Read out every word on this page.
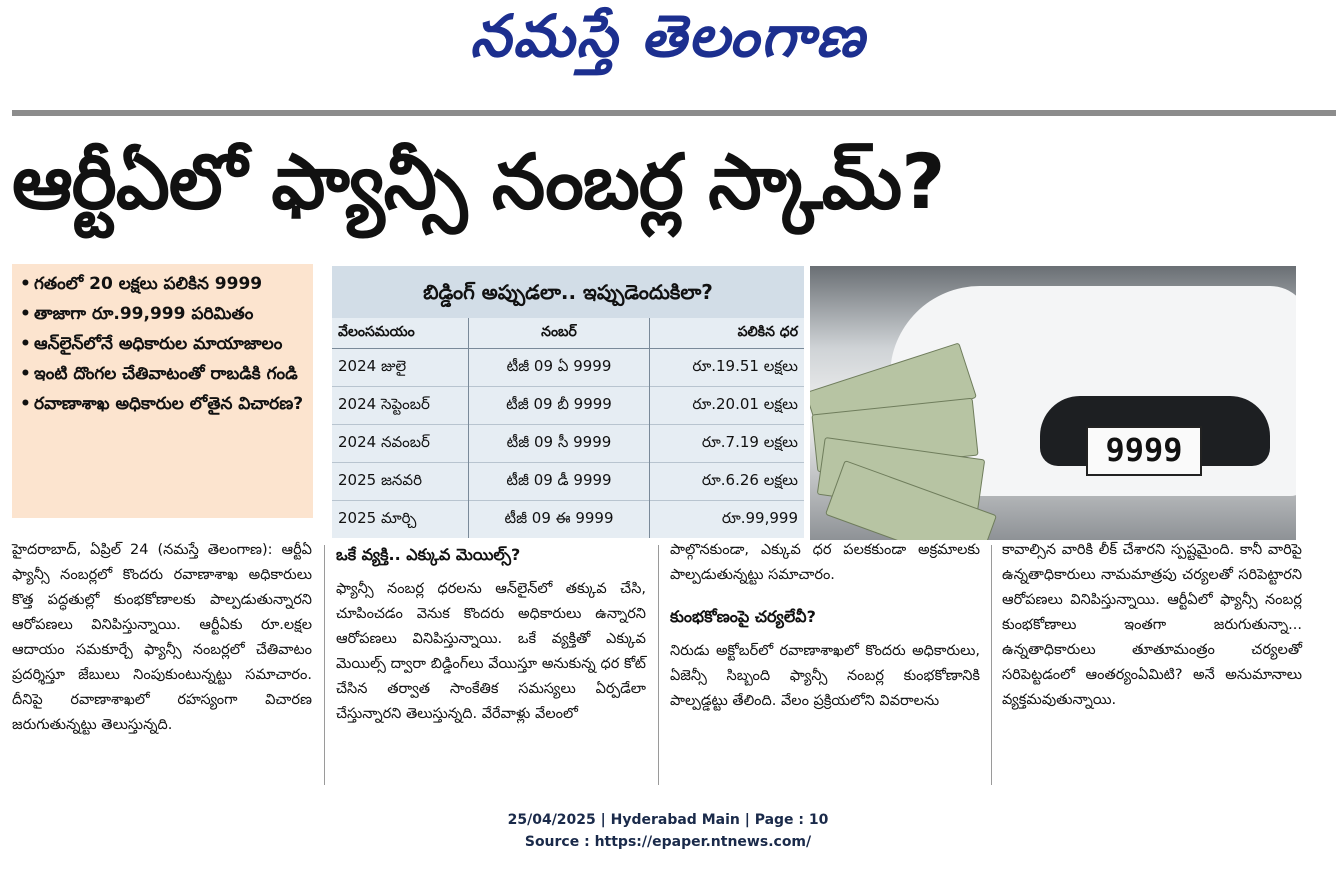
నమస్తే తెలంగాణ
ఆర్టీఏలో ఫ్యాన్సీ నంబర్ల స్కామ్‌?
• గతంలో 20 లక్షలు పలికిన 9999
• తాజాగా రూ.99,999 పరిమితం
• ఆన్‌లైన్‌లోనే అధికారుల మాయాజాలం
• ఇంటి దొంగల చేతివాటంతో రాబడికి గండి
• రవాణాశాఖ అధికారుల లోతైన విచారణ?
బిడ్డింగ్‌ అప్పుడలా.. ఇప్పుడెందుకిలా?
వేలంసమయం	నంబర్‌	పలికిన ధర
2024 జులై	టీజీ 09 ఏ 9999	రూ.19.51 లక్షలు
2024 సెప్టెంబర్‌	టీజీ 09 బీ 9999	రూ.20.01 లక్షలు
2024 నవంబర్‌	టీజీ 09 సీ 9999	రూ.7.19 లక్షలు
2025 జనవరి	టీజీ 09 డీ 9999	రూ.6.26 లక్షలు
2025 మార్చి	టీజీ 09 ఈ 9999	రూ.99,999
9999

హైదరాబాద్‌, ఏప్రిల్‌ 24 (నమస్తే తెలంగాణ): ఆర్టీఏ ఫ్యాన్సీ నంబర్లలో కొందరు రవాణాశాఖ అధికారులు కొత్త పద్ధతుల్లో కుంభకోణాలకు పాల్పడుతున్నారని ఆరోపణలు వినిపిస్తున్నాయి. ఆర్టీఏకు రూ.లక్షల ఆదాయం సమకూర్చే ఫ్యాన్సీ నంబర్లలో చేతివాటం ప్రదర్శిస్తూ జేబులు నింపుకుంటున్నట్టు సమాచారం. దీనిపై రవాణాశాఖలో రహస్యంగా విచారణ జరుగుతున్నట్టు తెలుస్తున్నది.

ఒకే వ్యక్తి.. ఎక్కువ మెయిల్స్‌?

ఫ్యాన్సీ నంబర్ల ధరలను ఆన్‌లైన్‌లో తక్కువ చేసి, చూపించడం వెనుక కొందరు అధికారులు ఉన్నారని ఆరోపణలు వినిపిస్తున్నాయి. ఒకే వ్యక్తితో ఎక్కువ మెయిల్స్‌ ద్వారా బిడ్డింగ్‌లు వేయిస్తూ అనుకున్న ధర కోట్‌ చేసిన తర్వాత సాంకేతిక సమస్యలు ఏర్పడేలా చేస్తున్నారని తెలుస్తున్నది. వేరేవాళ్లు వేలంలో

పాల్గొనకుండా, ఎక్కువ ధర పలకకుండా అక్రమాలకు పాల్పడుతున్నట్టు సమాచారం.

కుంభకోణంపై చర్యలేవీ?

నిరుడు అక్టోబర్‌లో రవాణాశాఖలో కొందరు అధికారులు, ఏజెన్సీ సిబ్బంది ఫ్యాన్సీ నంబర్ల కుంభకోణానికి పాల్పడ్డట్టు తేలింది. వేలం ప్రక్రియలోని వివరాలను

కావాల్సిన వారికి లీక్‌ చేశారని స్పష్టమైంది. కానీ వారిపై ఉన్నతాధికారులు నామమాత్రపు చర్యలతో సరిపెట్టారని ఆరోపణలు వినిపిస్తున్నాయి. ఆర్టీఏలో ఫ్యాన్సీ నంబర్ల కుంభకోణాలు ఇంతగా జరుగుతున్నా... ఉన్నతాధికారులు తూతూమంత్రం చర్యలతో సరిపెట్టడంలో ఆంతర్యంఏమిటి? అనే అనుమానాలు వ్యక్తమవుతున్నాయి.

25/04/2025 | Hyderabad Main | Page : 10
Source : https://epaper.ntnews.com/
